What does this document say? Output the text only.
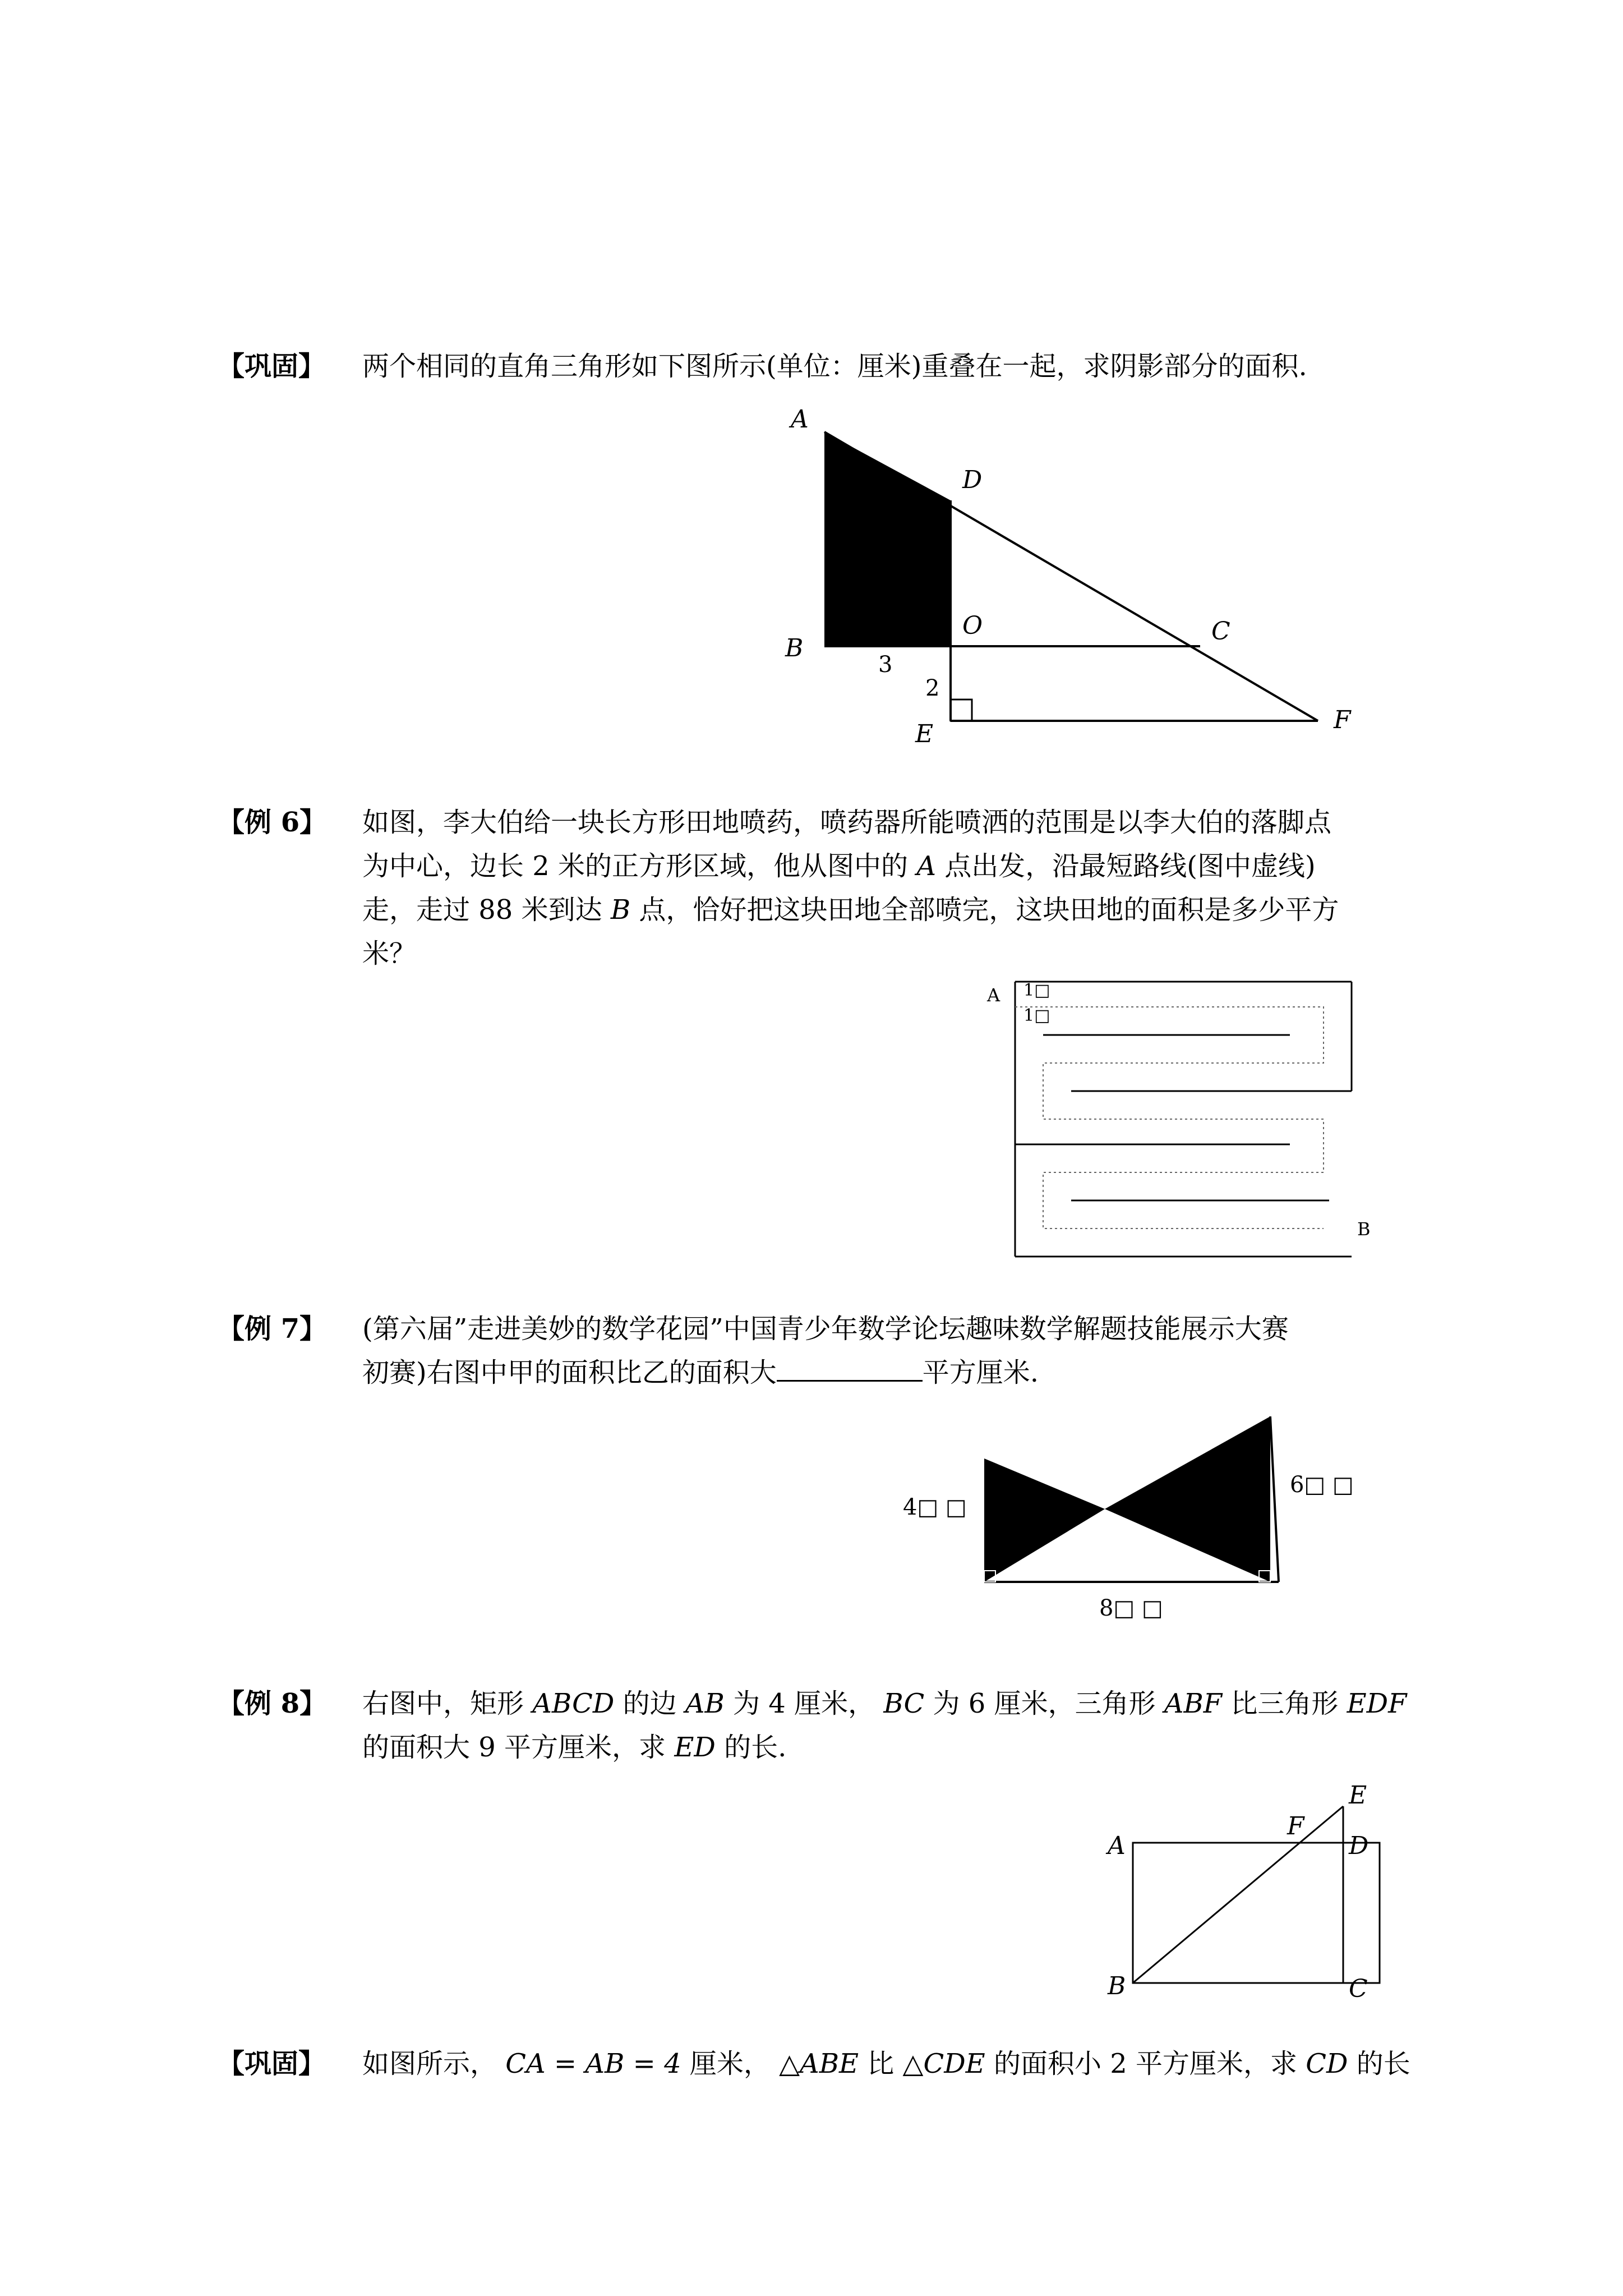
【巩固】 两个相同的直角三角形如下图所示(单位：厘米)重叠在一起，求阴影部分的面积.
A
D
B
O	C
E	F
3
2
【例 6】 如图，李大伯给一块长方形田地喷药，喷药器所能喷洒的范围是以李大伯的落脚点
为中心，边长 2 米的正方形区域，他从图中的 A 点出发，沿最短路线(图中虚线)
走，走过 88 米到达 B 点，恰好把这块田地全部喷完，这块田地的面积是多少平方
米？
A
B
1□
1□
【例 7】 (第六届”走进美妙的数学花园”中国青少年数学论坛趣味数学解题技能展示大赛
初赛)右图中甲的面积比乙的面积大	平方厘米.
4□ □
6□ □
8□ □
【例 8】 右图中，矩形 ABCD 的边 AB 为 4 厘米， BC 为 6 厘米，三角形 ABF 比三角形 EDF
的面积大 9 平方厘米，求 ED 的长.
A
B	C
D
E
F
【巩固】 如图所示， CA = AB = 4 厘米， △ABE 比 △CDE 的面积小 2 平方厘米，求 CD 的长
